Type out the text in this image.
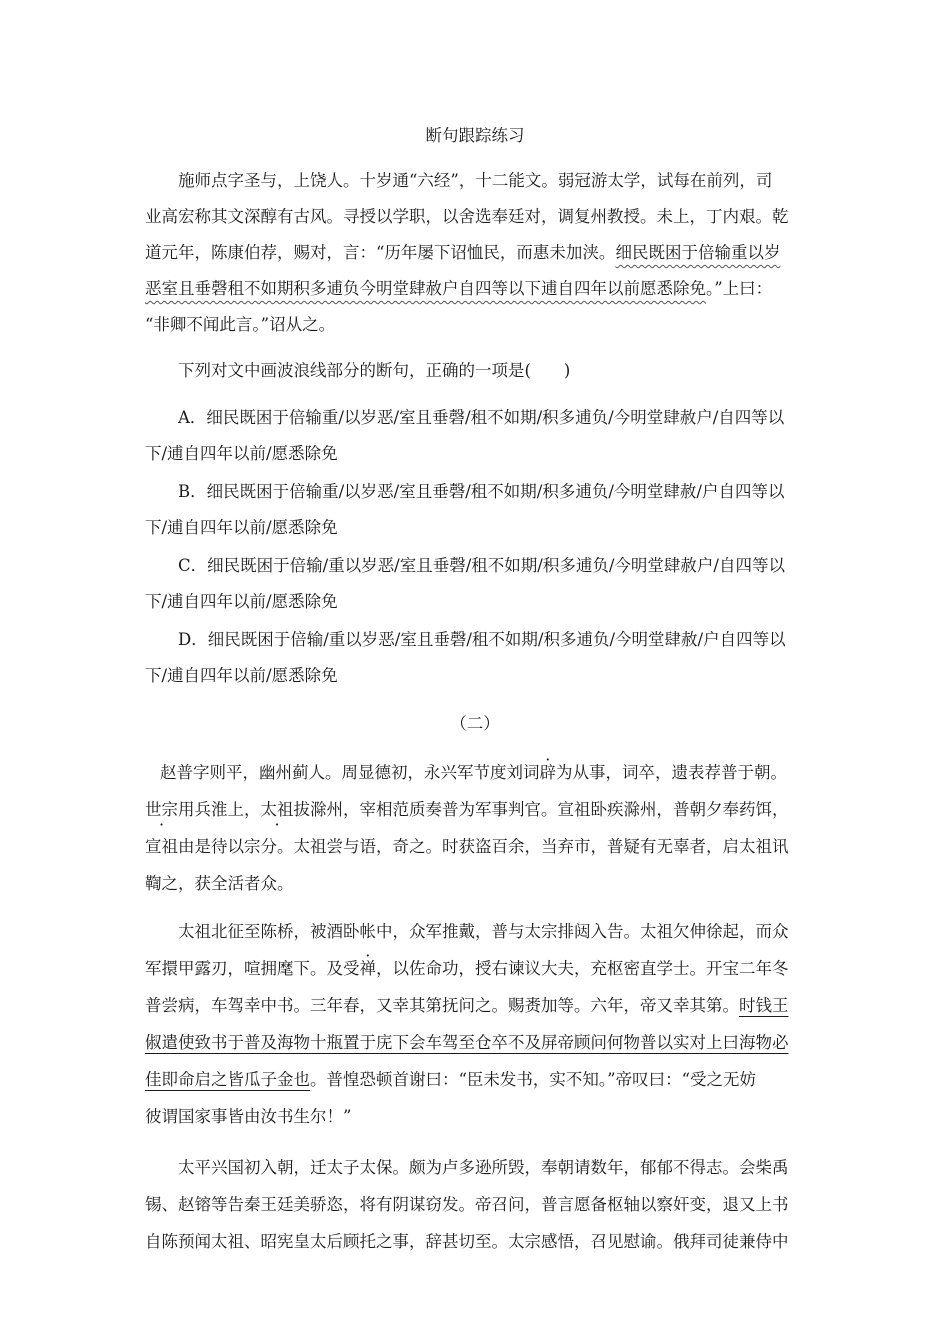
断句跟踪练习
施师点字圣与，上饶人。十岁通“六经”，十二能文。弱冠游太学，试每在前列，司
业高宏称其文深醇有古风。寻授以学职，以舍选奉廷对，调复州教授。未上，丁内艰。乾
道元年，陈康伯荐，赐对，言：“历年屡下诏恤民，而惠未加浃。细民既困于倍输重以岁
恶室且垂磬租不如期积多逋负今明堂肆赦户自四等以下逋自四年以前愿悉除免。”上曰：
“非卿不闻此言。”诏从之。
下列对文中画波浪线部分的断句，正确的一项是(　　)
A．细民既困于倍输重/以岁恶/室且垂磬/租不如期/积多逋负/今明堂肆赦户/自四等以
下/逋自四年以前/愿悉除免
B．细民既困于倍输重/以岁恶/室且垂磬/租不如期/积多逋负/今明堂肆赦/户自四等以
下/逋自四年以前/愿悉除免
C．细民既困于倍输/重以岁恶/室且垂磬/租不如期/积多逋负/今明堂肆赦户/自四等以
下/逋自四年以前/愿悉除免
D．细民既困于倍输/重以岁恶/室且垂磬/租不如期/积多逋负/今明堂肆赦/户自四等以
下/逋自四年以前/愿悉除免
（二）
赵普字则平，幽州蓟人。周显德初，永兴军节度刘词辟为从事，词卒，遗表荐普于朝。
世宗用兵淮上，太祖拔滁州，宰相范质奏普为军事判官。宣祖卧疾滁州，普朝夕奉药饵，
宣祖由是待以宗分。太祖尝与语，奇之。时获盗百余，当弃市，普疑有无辜者，启太祖讯
鞫之，获全活者众。
太祖北征至陈桥，被酒卧帐中，众军推戴，普与太宗排闼入告。太祖欠伸徐起，而众
军擐甲露刃，喧拥麾下。及受禅，以佐命功，授右谏议大夫，充枢密直学士。开宝二年冬
普尝病，车驾幸中书。三年春，又幸其第抚问之。赐赉加等。六年，帝又幸其第。时钱王
俶遣使致书于普及海物十瓶置于庑下会车驾至仓卒不及屏帝顾问何物普以实对上曰海物必
佳即命启之皆瓜子金也。普惶恐顿首谢曰：“臣未发书，实不知。”帝叹曰：“受之无妨
彼谓国家事皆由汝书生尔！”
太平兴国初入朝，迁太子太保。颇为卢多逊所毁，奉朝请数年，郁郁不得志。会柴禹
锡、赵镕等告秦王廷美骄恣，将有阴谋窃发。帝召问，普言愿备枢轴以察奸变，退又上书
自陈预闻太祖、昭宪皇太后顾托之事，辞甚切至。太宗感悟，召见慰谕。俄拜司徒兼侍中
